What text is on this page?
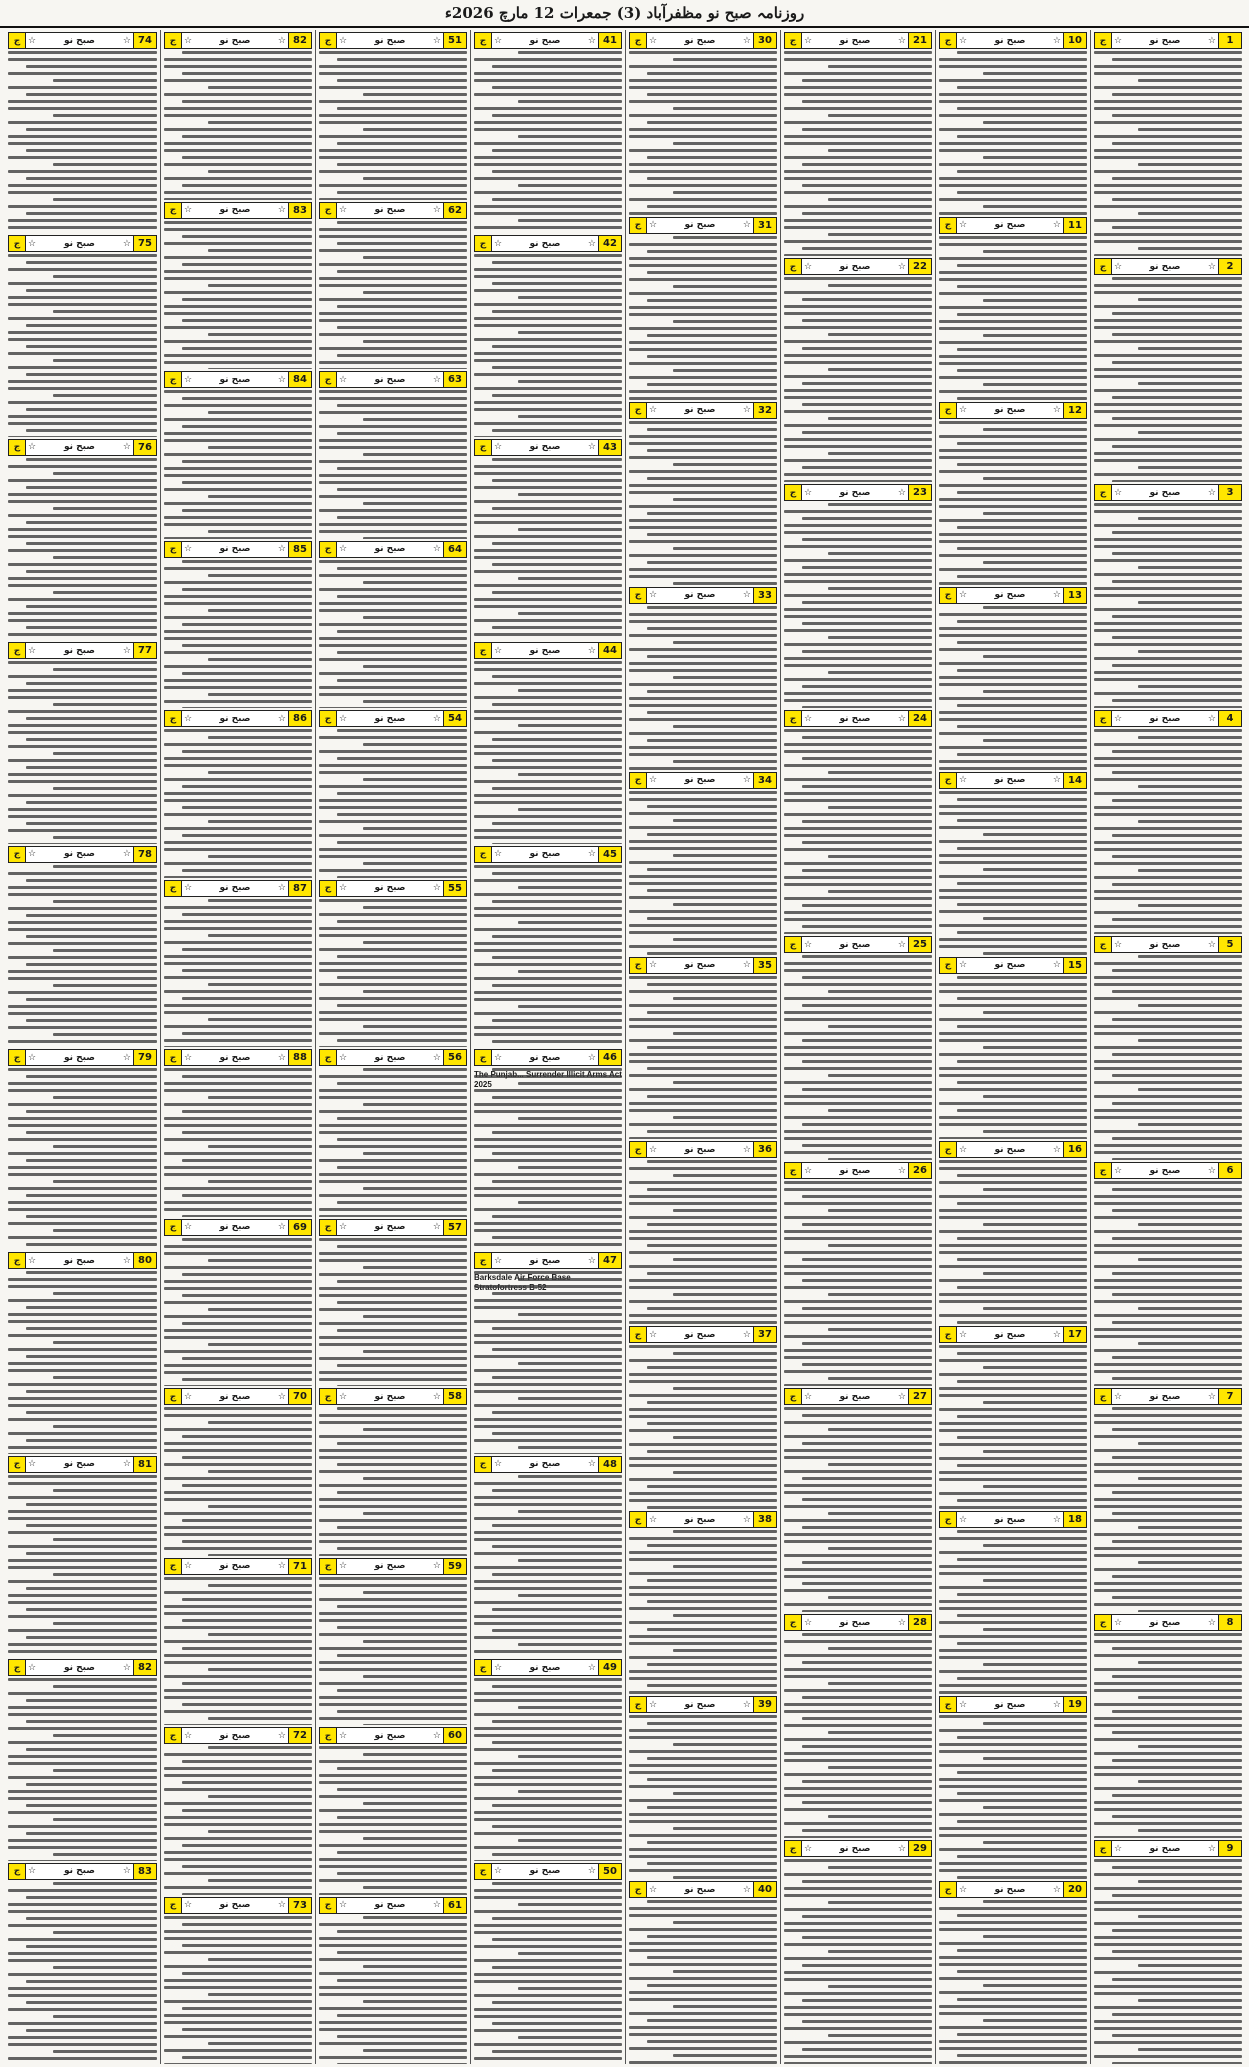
روزنامہ صبح نو مظفرآباد (3) جمعرات 12 مارچ 2026ء
1
☆
صبح نو
☆
ج
2
☆
صبح نو
☆
ج
3
☆
صبح نو
☆
ج
4
☆
صبح نو
☆
ج
5
☆
صبح نو
☆
ج
6
☆
صبح نو
☆
ج
7
☆
صبح نو
☆
ج
8
☆
صبح نو
☆
ج
9
☆
صبح نو
☆
ج
10
☆
صبح نو
☆
ج
11
☆
صبح نو
☆
ج
12
☆
صبح نو
☆
ج
13
☆
صبح نو
☆
ج
14
☆
صبح نو
☆
ج
15
☆
صبح نو
☆
ج
16
☆
صبح نو
☆
ج
17
☆
صبح نو
☆
ج
18
☆
صبح نو
☆
ج
19
☆
صبح نو
☆
ج
20
☆
صبح نو
☆
ج
21
☆
صبح نو
☆
ج
22
☆
صبح نو
☆
ج
23
☆
صبح نو
☆
ج
24
☆
صبح نو
☆
ج
25
☆
صبح نو
☆
ج
26
☆
صبح نو
☆
ج
27
☆
صبح نو
☆
ج
28
☆
صبح نو
☆
ج
29
☆
صبح نو
☆
ج
30
☆
صبح نو
☆
ج
31
☆
صبح نو
☆
ج
32
☆
صبح نو
☆
ج
33
☆
صبح نو
☆
ج
34
☆
صبح نو
☆
ج
35
☆
صبح نو
☆
ج
36
☆
صبح نو
☆
ج
37
☆
صبح نو
☆
ج
38
☆
صبح نو
☆
ج
39
☆
صبح نو
☆
ج
40
☆
صبح نو
☆
ج
41
☆
صبح نو
☆
ج
42
☆
صبح نو
☆
ج
43
☆
صبح نو
☆
ج
44
☆
صبح نو
☆
ج
45
☆
صبح نو
☆
ج
46
☆
صبح نو
☆
ج
2025
47
☆
صبح نو
☆
ج
Barksdale
48
☆
صبح نو
☆
ج
49
☆
صبح نو
☆
ج
50
☆
صبح نو
☆
ج
51
☆
صبح نو
☆
ج
62
☆
صبح نو
☆
ج
63
☆
صبح نو
☆
ج
64
☆
صبح نو
☆
ج
54
☆
صبح نو
☆
ج
55
☆
صبح نو
☆
ج
56
☆
صبح نو
☆
ج
57
☆
صبح نو
☆
ج
58
☆
صبح نو
☆
ج
59
☆
صبح نو
☆
ج
60
☆
صبح نو
☆
ج
61
☆
صبح نو
☆
ج
82
☆
صبح نو
☆
ج
83
☆
صبح نو
☆
ج
84
☆
صبح نو
☆
ج
85
☆
صبح نو
☆
ج
86
☆
صبح نو
☆
ج
87
☆
صبح نو
☆
ج
88
☆
صبح نو
☆
ج
69
☆
صبح نو
☆
ج
70
☆
صبح نو
☆
ج
71
☆
صبح نو
☆
ج
72
☆
صبح نو
☆
ج
73
☆
صبح نو
☆
ج
74
☆
صبح نو
☆
ج
75
☆
صبح نو
☆
ج
76
☆
صبح نو
☆
ج
77
☆
صبح نو
☆
ج
78
☆
صبح نو
☆
ج
79
☆
صبح نو
☆
ج
80
☆
صبح نو
☆
ج
81
☆
صبح نو
☆
ج
82
☆
صبح نو
☆
ج
83
☆
صبح نو
☆
ج
